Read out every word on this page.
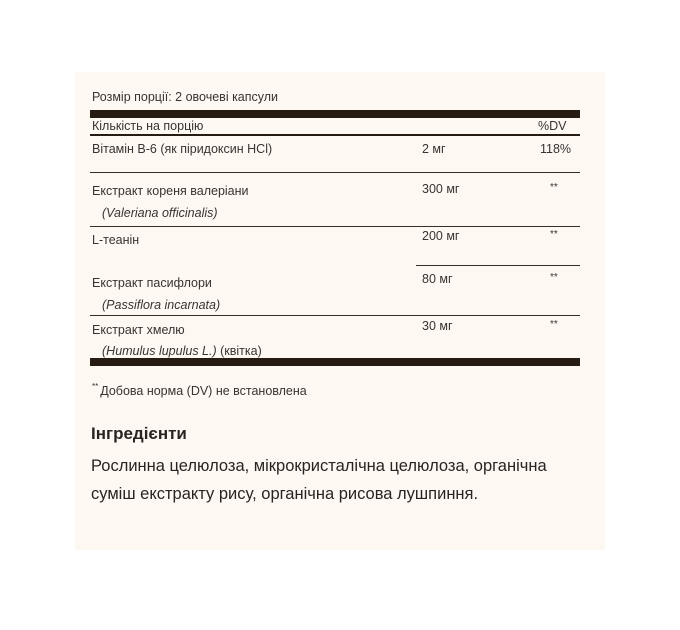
Розмір порції: 2 овочеві капсули
Кількість на порцію	%DV
Вітамін В-6 (як піридоксин HCl)	2 мг	118%
Екстракт кореня валеріани
(Valeriana officinalis)
300 мг	**
L-теанін	200 мг	**
Екстракт пасифлори
(Passiflora incarnata)
80 мг	**
Екстракт хмелю
(Humulus lupulus L.) (квітка)
30 мг	**
** Добова норма (DV) не встановлена
Інгредієнти
Рослинна целюлоза, мікрокристалічна целюлоза, органічна суміш екстракту рису, органічна рисова лушпиння.
